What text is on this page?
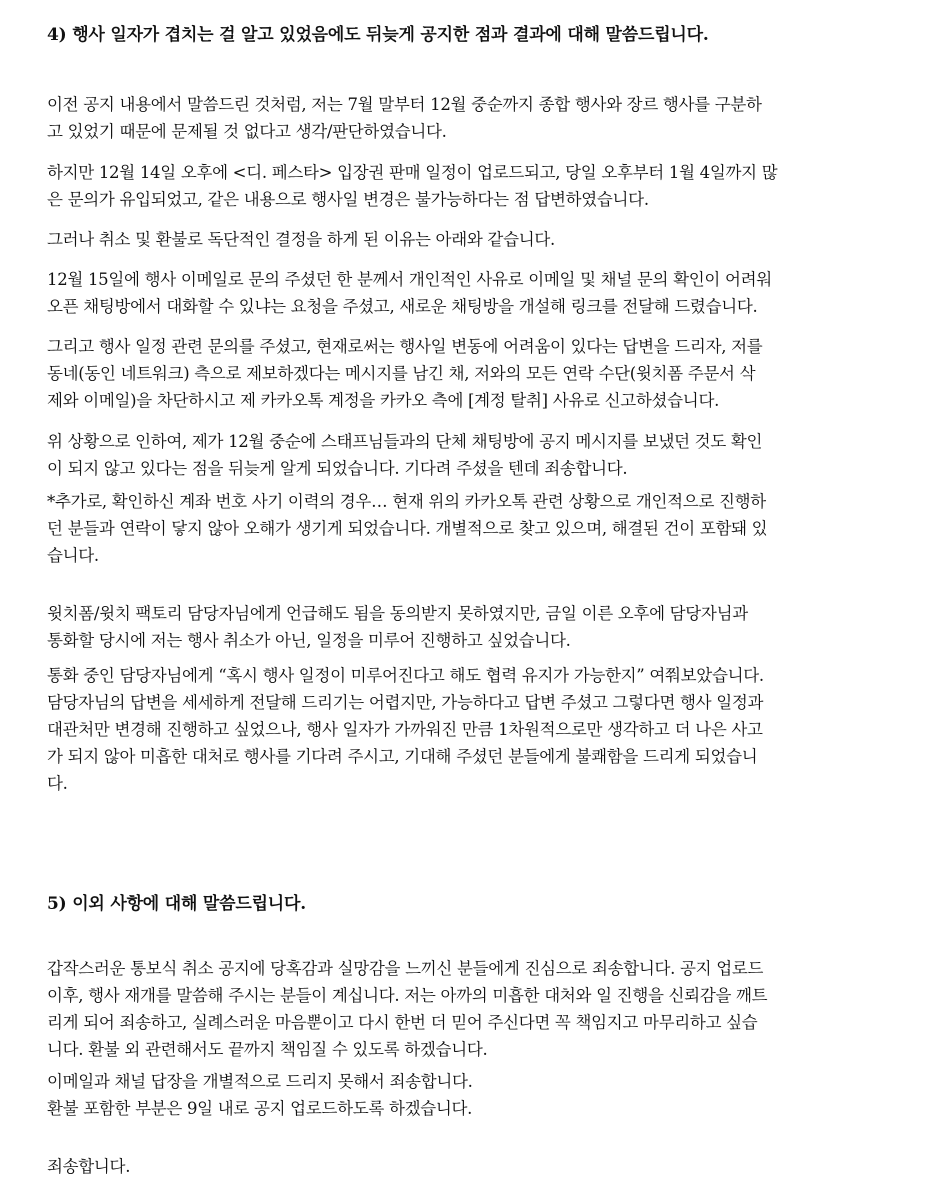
4) 행사 일자가 겹치는 걸 알고 있었음에도 뒤늦게 공지한 점과 결과에 대해 말씀드립니다.
이전 공지 내용에서 말씀드린 것처럼, 저는 7월 말부터 12월 중순까지 종합 행사와 장르 행사를 구분하
고 있었기 때문에 문제될 것 없다고 생각/판단하였습니다.
하지만 12월 14일 오후에 <디. 페스타> 입장권 판매 일정이 업로드되고, 당일 오후부터 1월 4일까지 많
은 문의가 유입되었고, 같은 내용으로 행사일 변경은 불가능하다는 점 답변하였습니다.
그러나 취소 및 환불로 독단적인 결정을 하게 된 이유는 아래와 같습니다.
12월 15일에 행사 이메일로 문의 주셨던 한 분께서 개인적인 사유로 이메일 및 채널 문의 확인이 어려워
오픈 채팅방에서 대화할 수 있냐는 요청을 주셨고, 새로운 채팅방을 개설해 링크를 전달해 드렸습니다.
그리고 행사 일정 관련 문의를 주셨고, 현재로써는 행사일 변동에 어려움이 있다는 답변을 드리자, 저를
동네(동인 네트워크) 측으로 제보하겠다는 메시지를 남긴 채, 저와의 모든 연락 수단(윗치폼 주문서 삭
제와 이메일)을 차단하시고 제 카카오톡 계정을 카카오 측에 [계정 탈취] 사유로 신고하셨습니다.
위 상황으로 인하여, 제가 12월 중순에 스태프님들과의 단체 채팅방에 공지 메시지를 보냈던 것도 확인
이 되지 않고 있다는 점을 뒤늦게 알게 되었습니다. 기다려 주셨을 텐데 죄송합니다.
*추가로, 확인하신 계좌 번호 사기 이력의 경우… 현재 위의 카카오톡 관련 상황으로 개인적으로 진행하
던 분들과 연락이 닿지 않아 오해가 생기게 되었습니다. 개별적으로 찾고 있으며, 해결된 건이 포함돼 있
습니다.
윗치폼/윗치 팩토리 담당자님에게 언급해도 됨을 동의받지 못하였지만, 금일 이른 오후에 담당자님과
통화할 당시에 저는 행사 취소가 아닌, 일정을 미루어 진행하고 싶었습니다.
통화 중인 담당자님에게 “혹시 행사 일정이 미루어진다고 해도 협력 유지가 가능한지” 여쭤보았습니다.
담당자님의 답변을 세세하게 전달해 드리기는 어렵지만, 가능하다고 답변 주셨고 그렇다면 행사 일정과
대관처만 변경해 진행하고 싶었으나, 행사 일자가 가까워진 만큼 1차원적으로만 생각하고 더 나은 사고
가 되지 않아 미흡한 대처로 행사를 기다려 주시고, 기대해 주셨던 분들에게 불쾌함을 드리게 되었습니
다.
5) 이외 사항에 대해 말씀드립니다.
갑작스러운 통보식 취소 공지에 당혹감과 실망감을 느끼신 분들에게 진심으로 죄송합니다. 공지 업로드
이후, 행사 재개를 말씀해 주시는 분들이 계십니다. 저는 아까의 미흡한 대처와 일 진행을 신뢰감을 깨트
리게 되어 죄송하고, 실례스러운 마음뿐이고 다시 한번 더 믿어 주신다면 꼭 책임지고 마무리하고 싶습
니다. 환불 외 관련해서도 끝까지 책임질 수 있도록 하겠습니다.
이메일과 채널 답장을 개별적으로 드리지 못해서 죄송합니다.
환불 포함한 부분은 9일 내로 공지 업로드하도록 하겠습니다.
죄송합니다.
